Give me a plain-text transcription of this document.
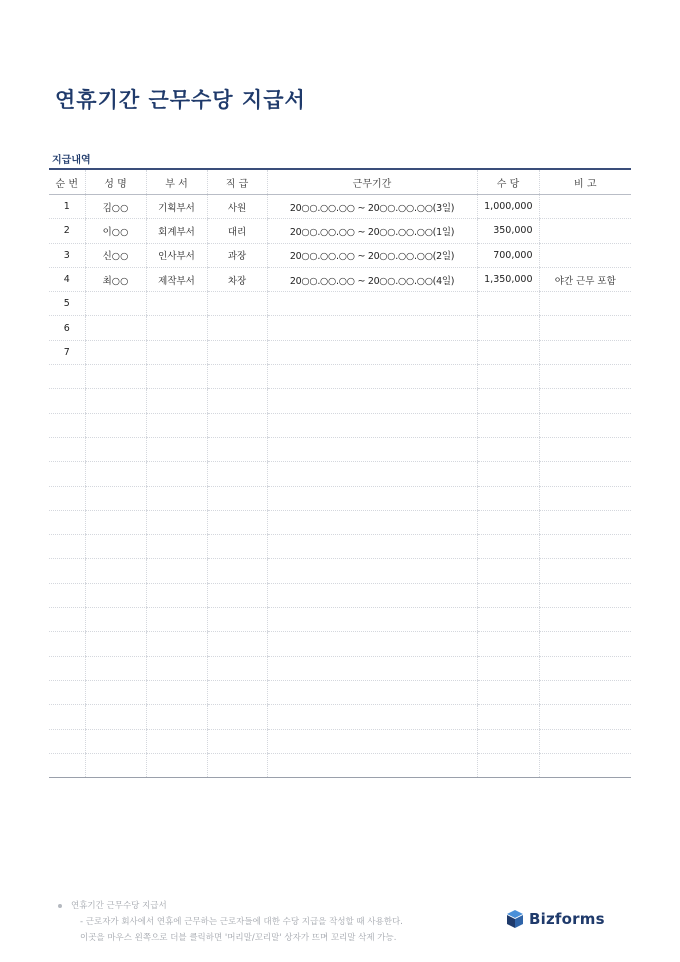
연휴기간 근무수당 지급서
지급내역
순 번	성 명	부 서	직 급	근무기간	수 당	비 고
1	김○○	기획부서	사원	20○○.○○.○○ ~ 20○○.○○.○○(3일)	1,000,000	
2	이○○	회계부서	대리	20○○.○○.○○ ~ 20○○.○○.○○(1일)	350,000	
3	신○○	인사부서	과장	20○○.○○.○○ ~ 20○○.○○.○○(2일)	700,000	
4	최○○	제작부서	차장	20○○.○○.○○ ~ 20○○.○○.○○(4일)	1,350,000	야간 근무 포함
5						
6						
7						

연휴기간 근무수당 지급서
- 근로자가 회사에서 연휴에 근무하는 근로자들에 대한 수당 지급을 작성할 때 사용한다.
이곳을 마우스 왼쪽으로 더블 클릭하면 '머리말/꼬리말' 상자가 뜨며 꼬리말 삭제 가능.
Bizforms
